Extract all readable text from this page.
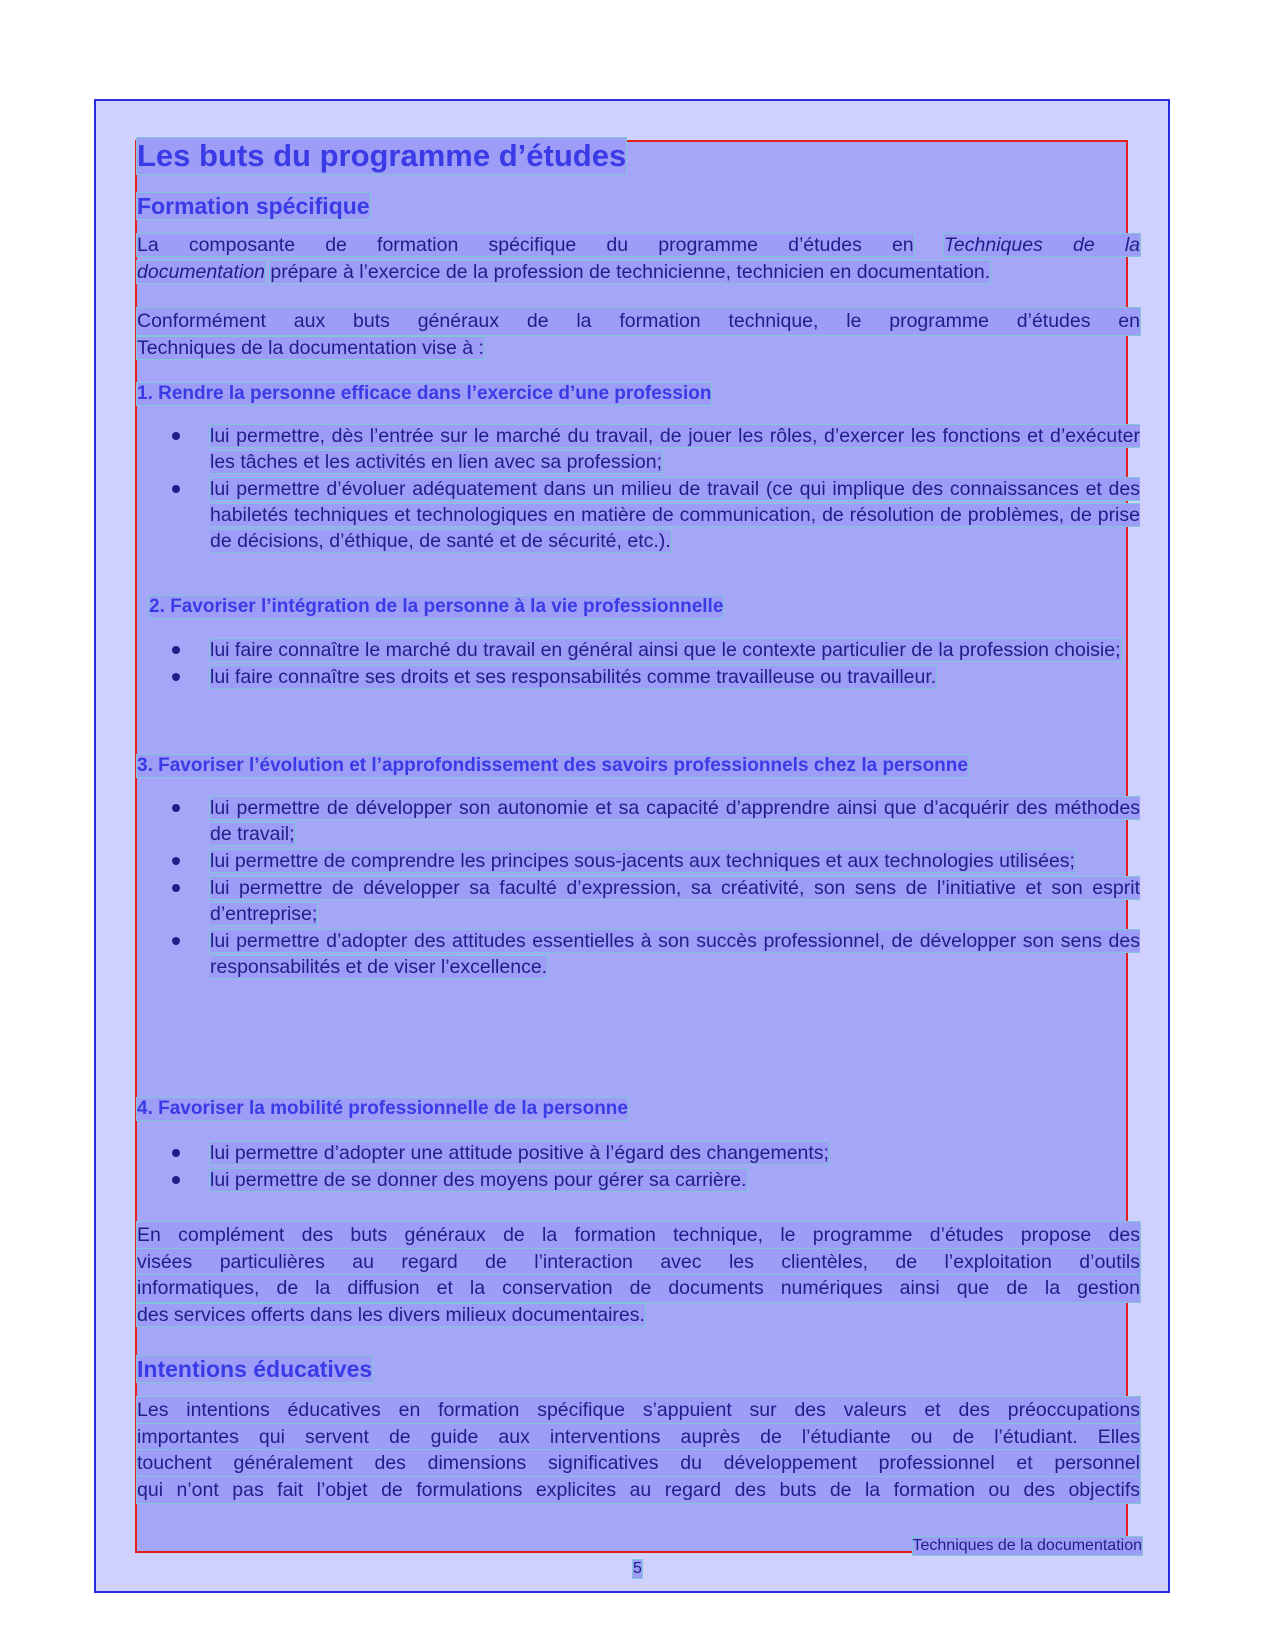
Les buts du programme d’études
Formation spécifique
La composante de formation spécifique du programme d’études en Techniques de la
documentation prépare à l’exercice de la profession de technicienne, technicien en documentation.
Conformément aux buts généraux de la formation technique, le programme d’études en
Techniques de la documentation vise à :
1. Rendre la personne efficace dans l’exercice d’une profession
lui permettre, dès l’entrée sur le marché du travail, de jouer les rôles, d’exercer les fonctions et d’exécuter les tâches et les activités en lien avec sa profession;
lui permettre d’évoluer adéquatement dans un milieu de travail (ce qui implique des connaissances et des habiletés techniques et technologiques en matière de communication, de résolution de problèmes, de prise de décisions, d’éthique, de santé et de sécurité, etc.).
2. Favoriser l’intégration de la personne à la vie professionnelle
lui faire connaître le marché du travail en général ainsi que le contexte particulier de la profession choisie;
lui faire connaître ses droits et ses responsabilités comme travailleuse ou travailleur.
3. Favoriser l’évolution et l’approfondissement des savoirs professionnels chez la personne
lui permettre de développer son autonomie et sa capacité d’apprendre ainsi que d’acquérir des méthodes de travail;
lui permettre de comprendre les principes sous-jacents aux techniques et aux technologies utilisées;
lui permettre de développer sa faculté d’expression, sa créativité, son sens de l’initiative et son esprit d’entreprise;
lui permettre d’adopter des attitudes essentielles à son succès professionnel, de développer son sens des responsabilités et de viser l’excellence.
4. Favoriser la mobilité professionnelle de la personne
lui permettre d’adopter une attitude positive à l’égard des changements;
lui permettre de se donner des moyens pour gérer sa carrière.
En complément des buts généraux de la formation technique, le programme d’études propose des
visées particulières au regard de l’interaction avec les clientèles, de l’exploitation d’outils
informatiques, de la diffusion et la conservation de documents numériques ainsi que de la gestion
des services offerts dans les divers milieux documentaires.
Intentions éducatives
Les intentions éducatives en formation spécifique s’appuient sur des valeurs et des préoccupations
importantes qui servent de guide aux interventions auprès de l’étudiante ou de l’étudiant. Elles
touchent généralement des dimensions significatives du développement professionnel et personnel
qui n’ont pas fait l’objet de formulations explicites au regard des buts de la formation ou des objectifs
Techniques de la documentation
5
